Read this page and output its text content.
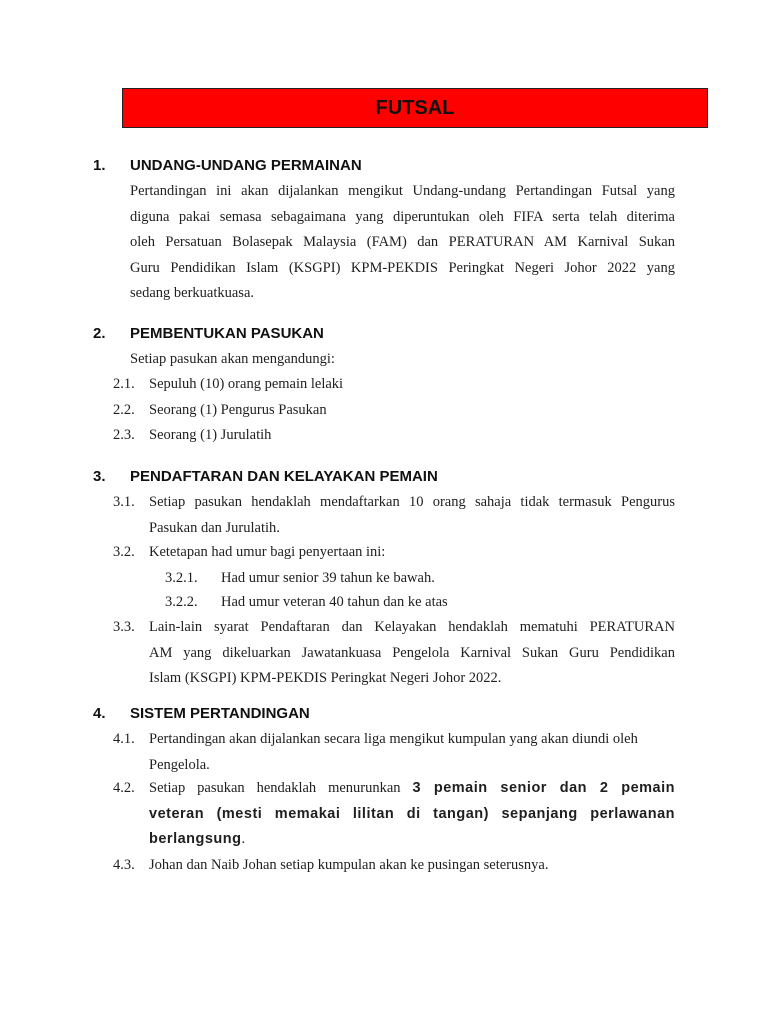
FUTSAL
1. UNDANG-UNDANG PERMAINAN
Pertandingan ini akan dijalankan mengikut Undang-undang Pertandingan Futsal yang
diguna pakai semasa sebagaimana yang diperuntukan oleh FIFA serta telah diterima
oleh Persatuan Bolasepak Malaysia (FAM) dan PERATURAN AM Karnival Sukan
Guru Pendidikan Islam (KSGPI) KPM-PEKDIS Peringkat Negeri Johor 2022 yang
sedang berkuatkuasa.
2. PEMBENTUKAN PASUKAN
Setiap pasukan akan mengandungi:
2.1. Sepuluh (10) orang pemain lelaki
2.2. Seorang (1) Pengurus Pasukan
2.3. Seorang (1) Jurulatih
3. PENDAFTARAN DAN KELAYAKAN PEMAIN
3.1. Setiap pasukan hendaklah mendaftarkan 10 orang sahaja tidak termasuk Pengurus
Pasukan dan Jurulatih.
3.2. Ketetapan had umur bagi penyertaan ini:
3.2.1. Had umur senior 39 tahun ke bawah.
3.2.2. Had umur veteran 40 tahun dan ke atas
3.3. Lain-lain syarat Pendaftaran dan Kelayakan hendaklah mematuhi PERATURAN
AM yang dikeluarkan Jawatankuasa Pengelola Karnival Sukan Guru Pendidikan
Islam (KSGPI) KPM-PEKDIS Peringkat Negeri Johor 2022.
4. SISTEM PERTANDINGAN
4.1. Pertandingan akan dijalankan secara liga mengikut kumpulan yang akan diundi oleh
Pengelola.
4.2. Setiap pasukan hendaklah menurunkan 3 pemain senior dan 2 pemain
veteran (mesti memakai lilitan di tangan) sepanjang perlawanan
berlangsung.
4.3. Johan dan Naib Johan setiap kumpulan akan ke pusingan seterusnya.
